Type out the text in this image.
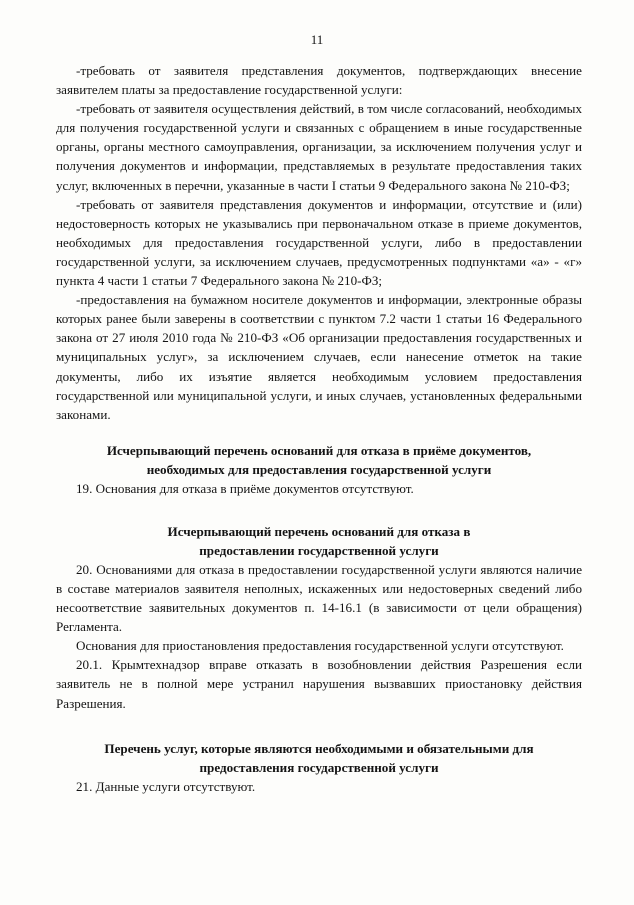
11

-требовать от заявителя представления документов, подтверждающих внесение заявителем платы за предоставление государственной услуги:

-требовать от заявителя осуществления действий, в том числе согласований, необходимых для получения государственной услуги и связанных с обращением в иные государственные органы, органы местного самоуправления, организации, за исключением получения услуг и получения документов и информации, представляемых в результате предоставления таких услуг, включенных в перечни, указанные в части I статьи 9 Федерального закона № 210-ФЗ;

-требовать от заявителя представления документов и информации, отсутствие и (или) недостоверность которых не указывались при первоначальном отказе в приеме документов, необходимых для предоставления государственной услуги, либо в предоставлении государственной услуги, за исключением случаев, предусмотренных подпунктами «а» - «г» пункта 4 части 1 статьи 7 Федерального закона № 210-ФЗ;

-предоставления на бумажном носителе документов и информации, электронные образы которых ранее были заверены в соответствии с пунктом 7.2 части 1 статьи 16 Федерального закона от 27 июля 2010 года № 210-ФЗ «Об организации предоставления государственных и муниципальных услуг», за исключением случаев, если нанесение отметок на такие документы, либо их изъятие является необходимым условием предоставления государственной или муниципальной услуги, и иных случаев, установленных федеральными законами.

Исчерпывающий перечень оснований для отказа в приёме документов,
необходимых для предоставления государственной услуги

19. Основания для отказа в приёме документов отсутствуют.

Исчерпывающий перечень оснований для отказа в
предоставлении государственной услуги

20. Основаниями для отказа в предоставлении государственной услуги являются наличие в составе материалов заявителя неполных, искаженных или недостоверных сведений либо несоответствие заявительных документов п. 14-16.1 (в зависимости от цели обращения) Регламента.

Основания для приостановления предоставления государственной услуги отсутствуют.

20.1. Крымтехнадзор вправе отказать в возобновлении действия Разрешения если заявитель не в полной мере устранил нарушения вызвавших приостановку действия Разрешения.

Перечень услуг, которые являются необходимыми и обязательными для
предоставления государственной услуги

21. Данные услуги отсутствуют.
